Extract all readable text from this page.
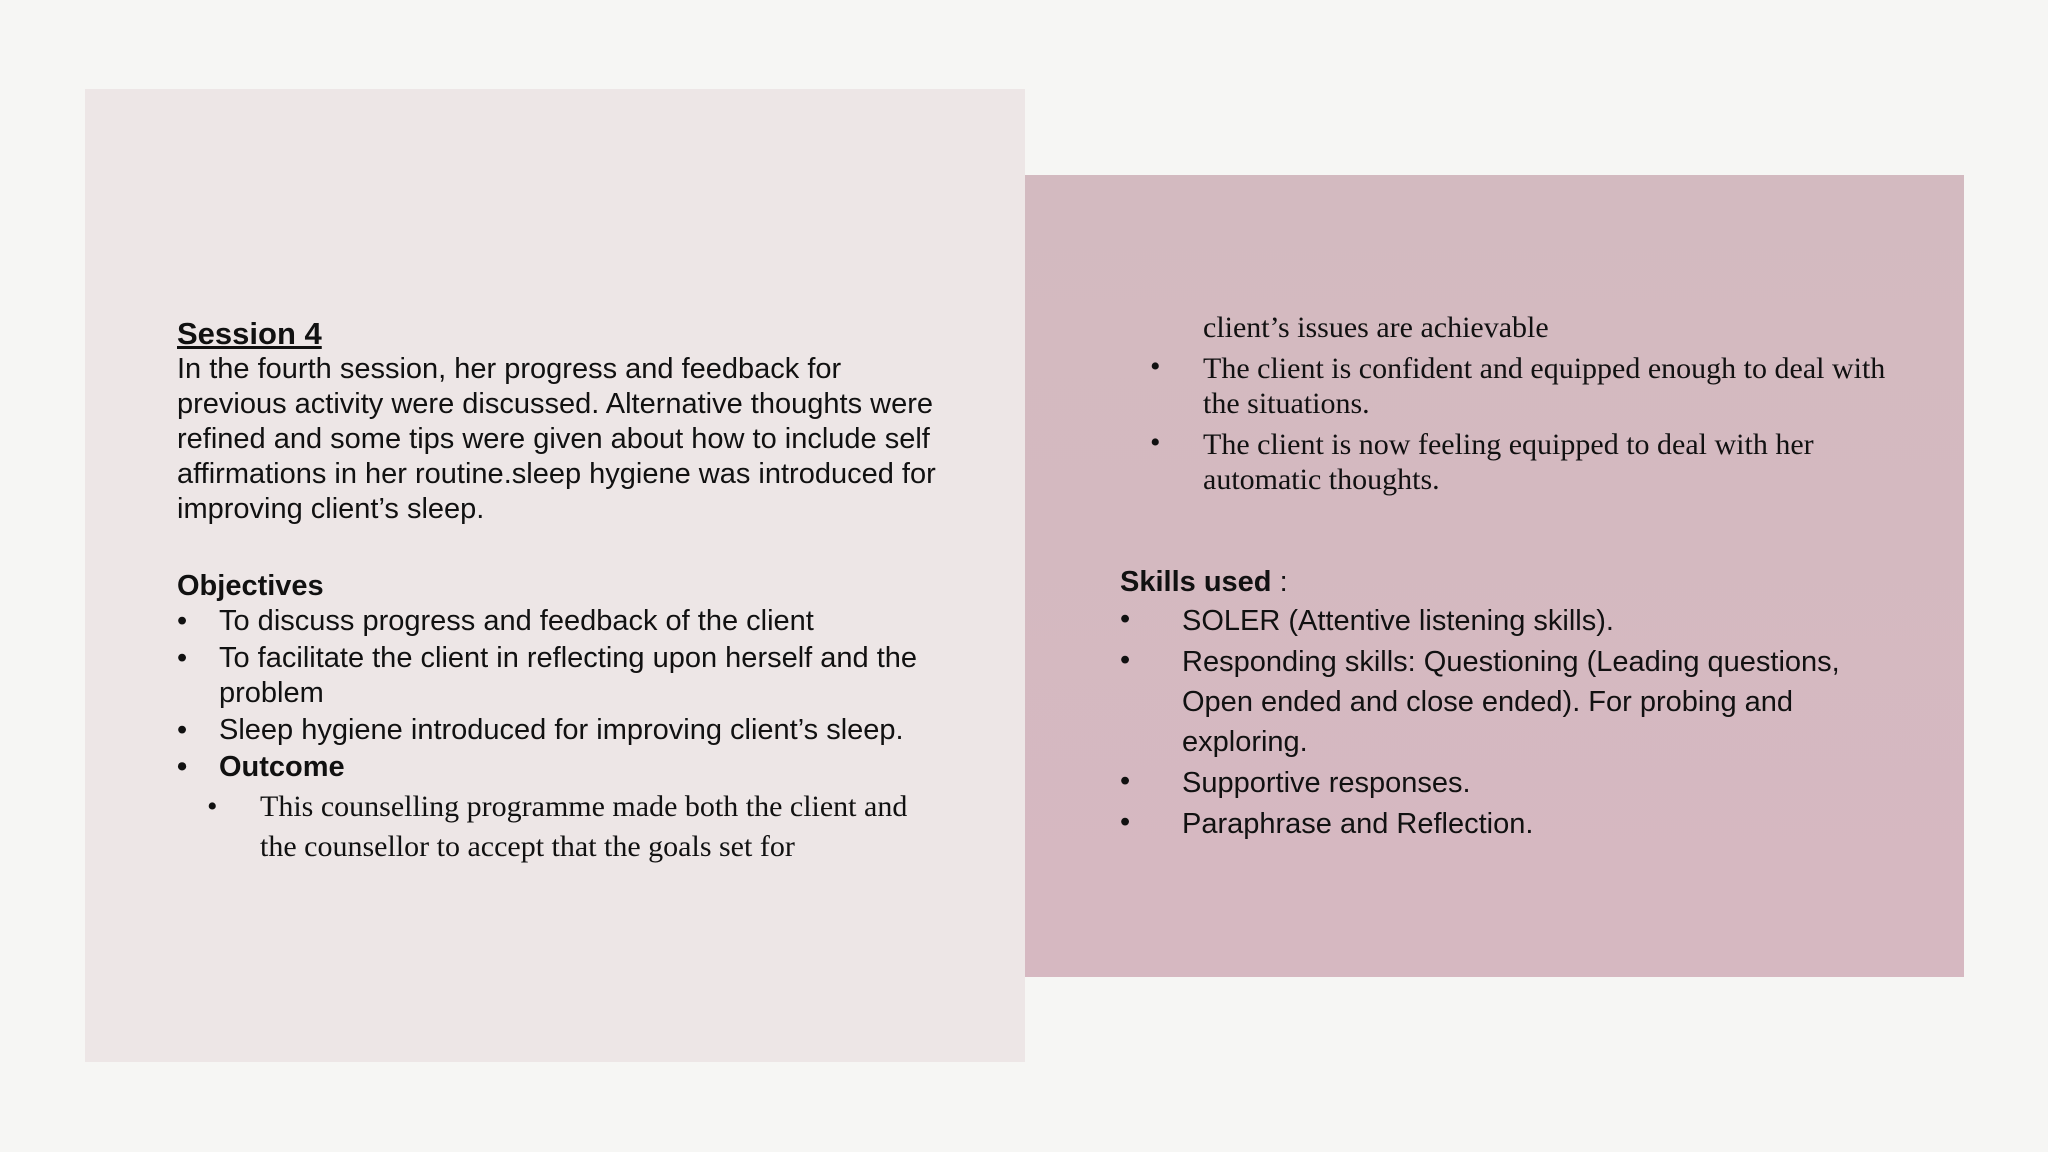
Session 4

In the fourth session, her progress and feedback for previous activity were discussed. Alternative thoughts were refined and some tips were given about how to include self affirmations in her routine.sleep hygiene was introduced for improving client’s sleep.

Objectives
• To discuss progress and feedback of the client
• To facilitate the client in reflecting upon herself and the problem
• Sleep hygiene introduced for improving client’s sleep.
• Outcome
• This counselling programme made both the client and the counsellor to accept that the goals set for
client’s issues are achievable
• The client is confident and equipped enough to deal with the situations.
• The client is now feeling equipped to deal with her automatic thoughts.
Skills used :
• SOLER (Attentive listening skills).
• Responding skills: Questioning (Leading questions, Open ended and close ended). For probing and exploring.
• Supportive responses.
• Paraphrase and Reflection.
